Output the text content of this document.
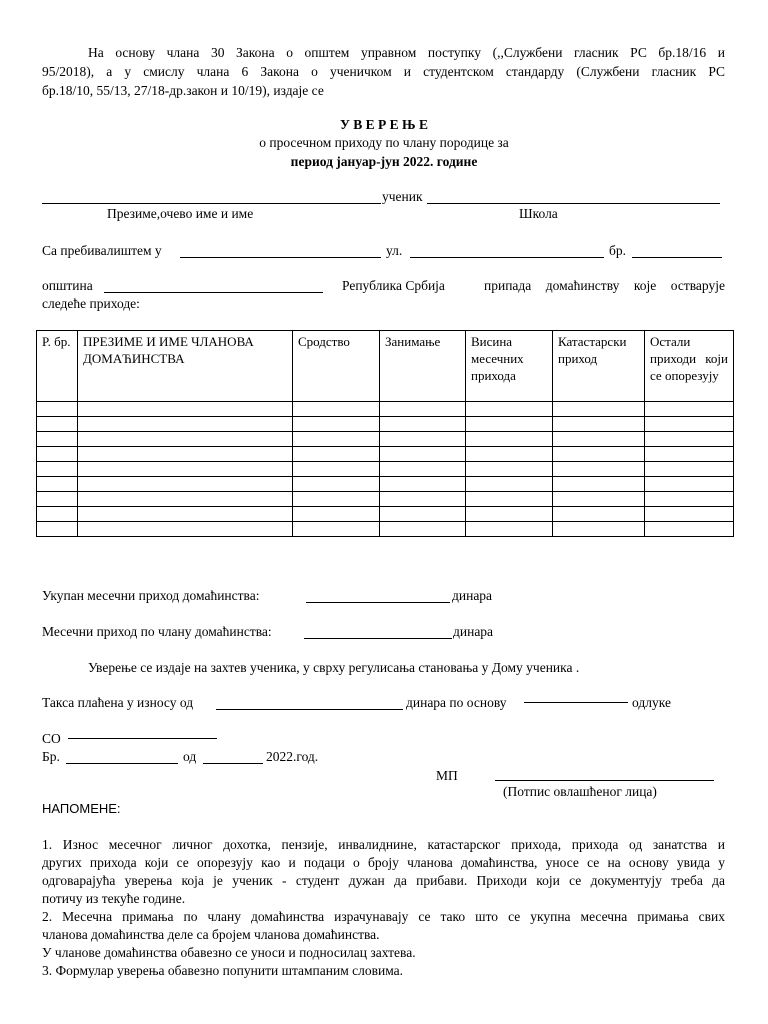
На основу члана 30 Закона о општем управном поступку (,,Службени гласник РС бр.18/16 и
95/2018), а у смислу члана 6 Закона о ученичком и студентском стандарду (Службени гласник РС
бр.18/10, 55/13, 27/18-др.закон и 10/19), издаје се
У В Е Р Е Њ Е
о просечном приходу по члану породице за
период јануар-јун 2022. године
ученик
Презиме,очево име и име	Школа
Са пребивалиштем у	ул.	бр.
општина	Република Србија	припада домаћинству које остварује
следеће приходе:
Р. бр.	ПРЕЗИМЕ И ИМЕ ЧЛАНОВА ДОМАЋИНСТВА	Сродство	Занимање	Висина месечних прихода	Катастарски приход	Остали приходи који се опорезују

Укупан месечни приход домаћинства:	динара
Месечни приход по члану домаћинства:	динара
Уверење се издаје на захтев ученика, у сврху регулисања становања у Дому ученика .
Такса плаћена у износу од	динара по основу	одлуке
СО
Бр.	од	2022.год.
МП
(Потпис овлашћеног лица)
НАПОМЕНЕ:
1. Износ месечног личног дохотка, пензије, инвалиднине, катастарског прихода, прихода од занатства и
других прихода који се опорезују као и подаци о броју чланова домаћинства, уносе се на основу увида у
одговарајућа уверења која је ученик - студент дужан да прибави. Приходи који се документују треба да
потичу из текуће године.
2. Месечна примања по члану домаћинства израчунавају се тако што се укупна месечна примања свих
чланова домаћинства деле са бројем чланова домаћинства.
У чланове домаћинства обавезно се уноси и подносилац захтева.
3. Формулар уверења обавезно попунити штампаним словима.
